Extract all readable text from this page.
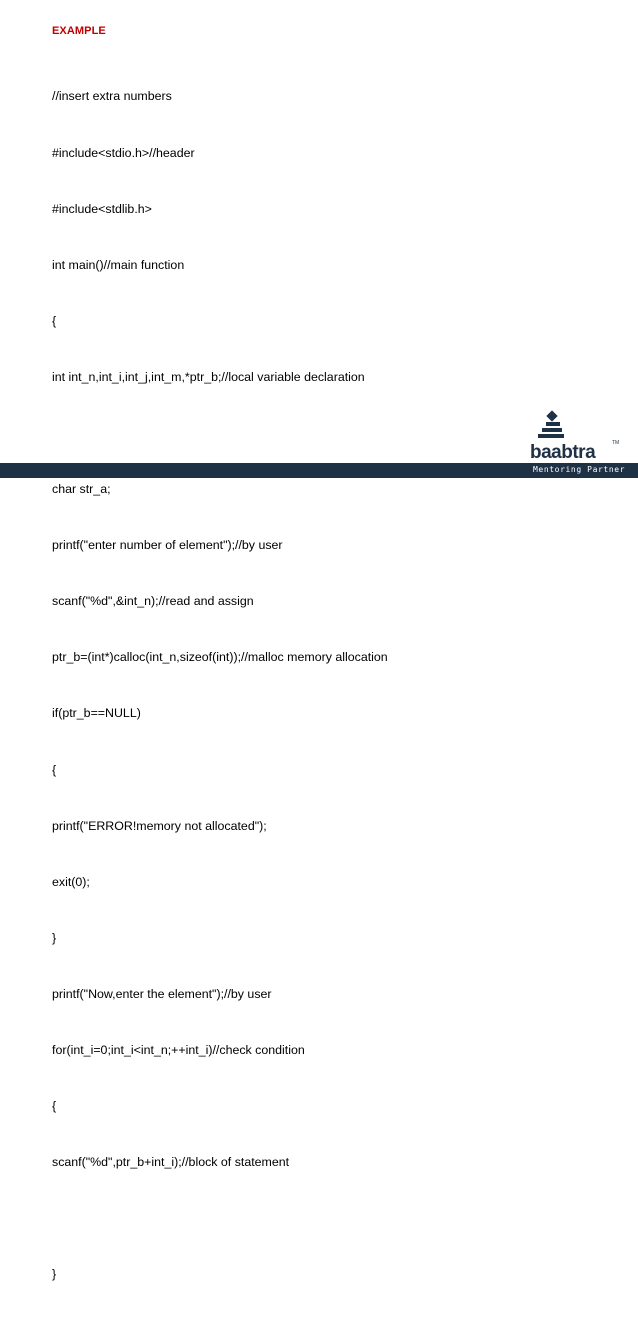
EXAMPLE

//insert extra numbers

#include<stdio.h>//header

#include<stdlib.h>

int main()//main function

{

int int_n,int_i,int_j,int_m,*ptr_b;//local variable declaration

char str_a;

printf("enter number of element");//by user

scanf("%d",&int_n);//read and assign

ptr_b=(int*)calloc(int_n,sizeof(int));//malloc memory allocation

if(ptr_b==NULL)

{

printf("ERROR!memory not allocated");

exit(0);

}

printf("Now,enter the element");//by user

for(int_i=0;int_i<int_n;++int_i)//check condition

{

scanf("%d",ptr_b+int_i);//block of statement

}

baabtra	TM
Mentoring Partner
